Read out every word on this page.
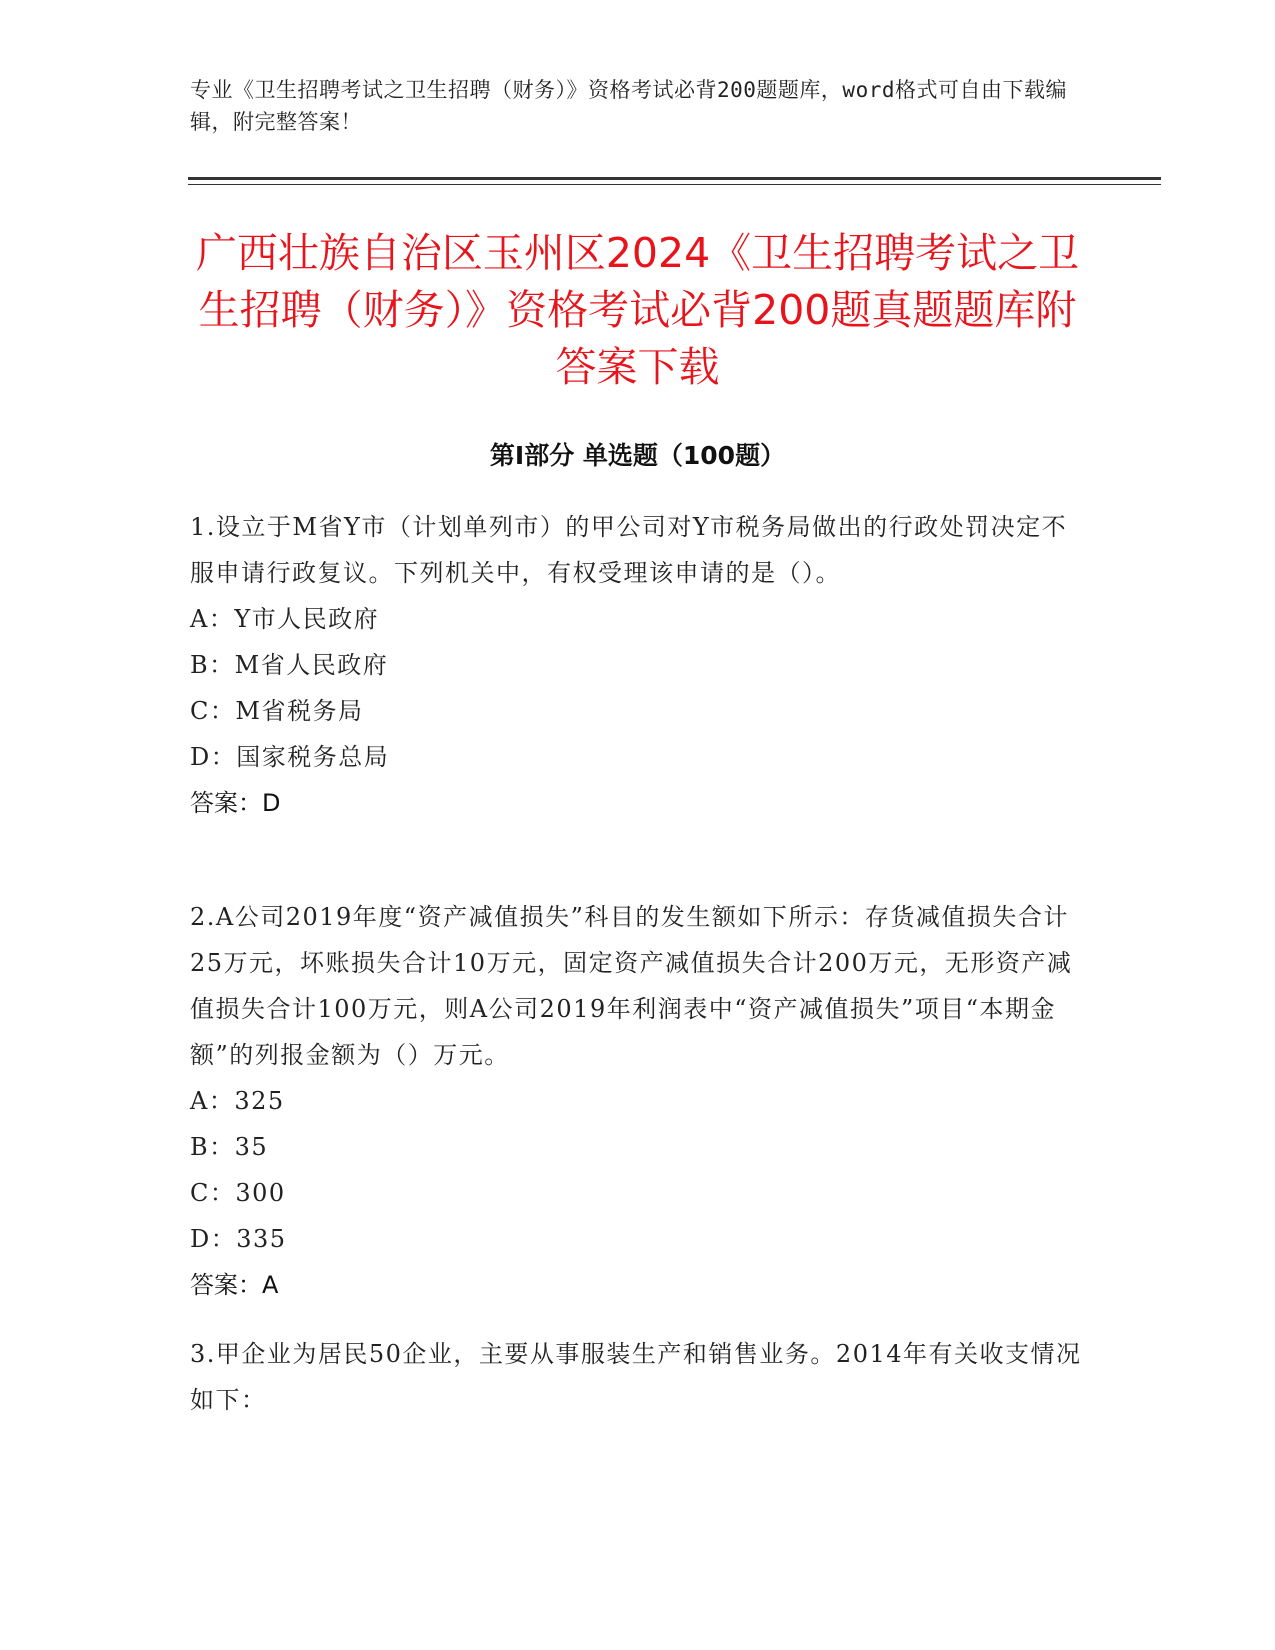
专业《卫生招聘考试之卫生招聘（财务）》资格考试必背200题题库，word格式可自由下载编辑，附完整答案！
广西壮族自治区玉州区2024《卫生招聘考试之卫生招聘（财务）》资格考试必背200题真题题库附答案下载
第Ⅰ部分 单选题（100题）

1.设立于M省Y市（计划单列市）的甲公司对Y市税务局做出的行政处罚决定不服申请行政复议。下列机关中，有权受理该申请的是（）。

A：Y市人民政府

B：M省人民政府

C：M省税务局

D：国家税务总局

答案：D

2.A公司2019年度“资产减值损失”科目的发生额如下所示：存货减值损失合计25万元，坏账损失合计10万元，固定资产减值损失合计200万元，无形资产减值损失合计100万元，则A公司2019年利润表中“资产减值损失”项目“本期金额”的列报金额为（）万元。

A：325

B：35

C：300

D：335

答案：A

3.甲企业为居民50企业，主要从事服装生产和销售业务。2014年有关收支情况如下：
